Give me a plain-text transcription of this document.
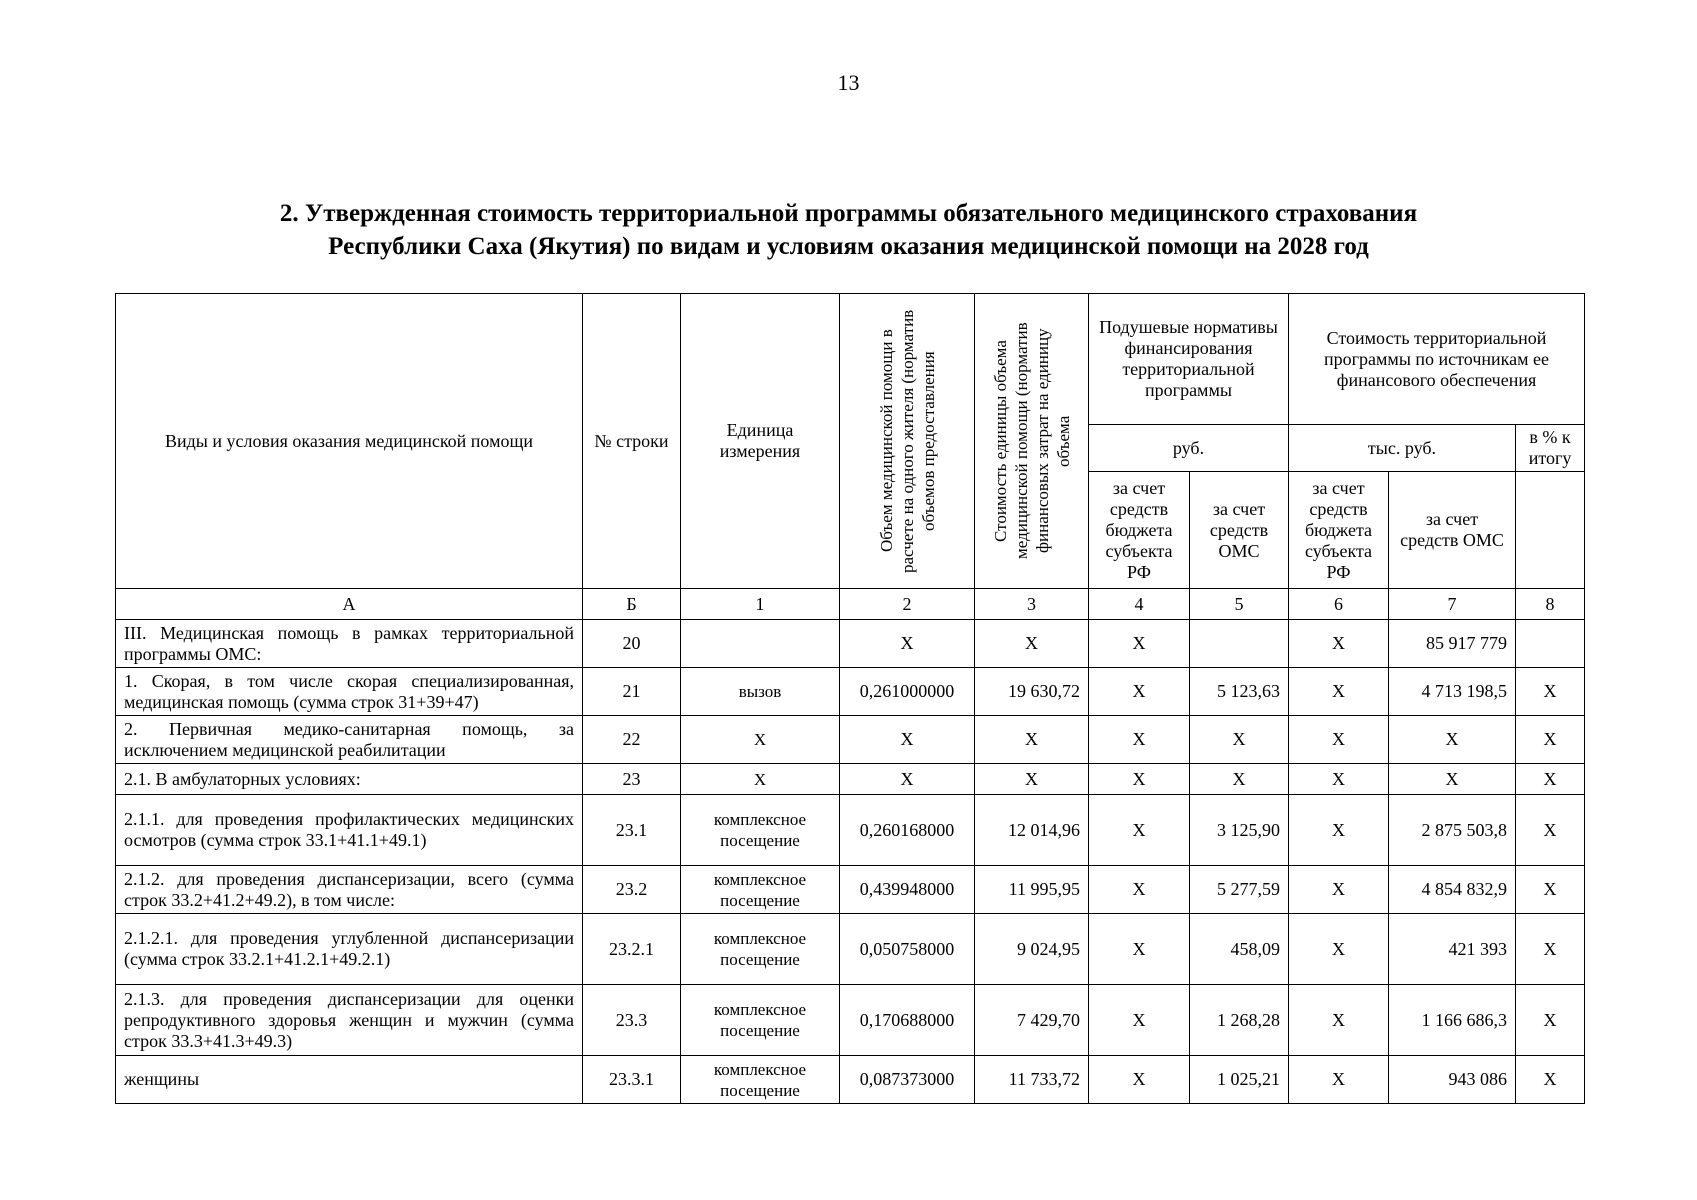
13
2. Утвержденная стоимость территориальной программы обязательного медицинского страхования
Республики Саха (Якутия) по видам и условиям оказания медицинской помощи на 2028 год
Виды и условия оказания медицинской помощи	№ строки	Единица измерения	Объем медицинской помощи в расчете на одного жителя (норматив объемов предоставления	Стоимость единицы объема медицинской помощи (норматив финансовых затрат на единицу объема	Подушевые нормативы финансирования территориальной программы		Стоимость территориальной программы по источникам ее финансового обеспечения		
					руб.		тыс. руб.		в % к итогу
					за счет средств бюджета субъекта РФ	за счет средств ОМС	за счет средств бюджета субъекта РФ	за счет средств ОМС	
А	Б	1	2	3	4	5	6	7	8
III. Медицинская помощь в рамках территориальной программы ОМС:	20		Х	Х	Х		Х	85 917 779	
1. Скорая, в том числе скорая специализированная, медицинская помощь (сумма строк 31+39+47)	21	вызов	0,261000000	19 630,72	Х	5 123,63	Х	4 713 198,5	Х
2. Первичная медико-санитарная помощь, за исключением медицинской реабилитации	22	Х	Х	Х	Х	Х	Х	Х	Х
2.1. В амбулаторных условиях:	23	Х	Х	Х	Х	Х	Х	Х	Х
2.1.1. для проведения профилактических медицинских осмотров (сумма строк 33.1+41.1+49.1)	23.1	комплексное посещение	0,260168000	12 014,96	Х	3 125,90	Х	2 875 503,8	Х
2.1.2. для проведения диспансеризации, всего (сумма строк 33.2+41.2+49.2), в том числе:	23.2	комплексное посещение	0,439948000	11 995,95	Х	5 277,59	Х	4 854 832,9	Х
2.1.2.1. для проведения углубленной диспансеризации (сумма строк 33.2.1+41.2.1+49.2.1)	23.2.1	комплексное посещение	0,050758000	9 024,95	Х	458,09	Х	421 393	Х
2.1.3. для проведения диспансеризации для оценки репродуктивного здоровья женщин и мужчин (сумма строк 33.3+41.3+49.3)	23.3	комплексное посещение	0,170688000	7 429,70	Х	1 268,28	Х	1 166 686,3	Х
женщины	23.3.1	комплексное посещение	0,087373000	11 733,72	Х	1 025,21	Х	943 086	Х
